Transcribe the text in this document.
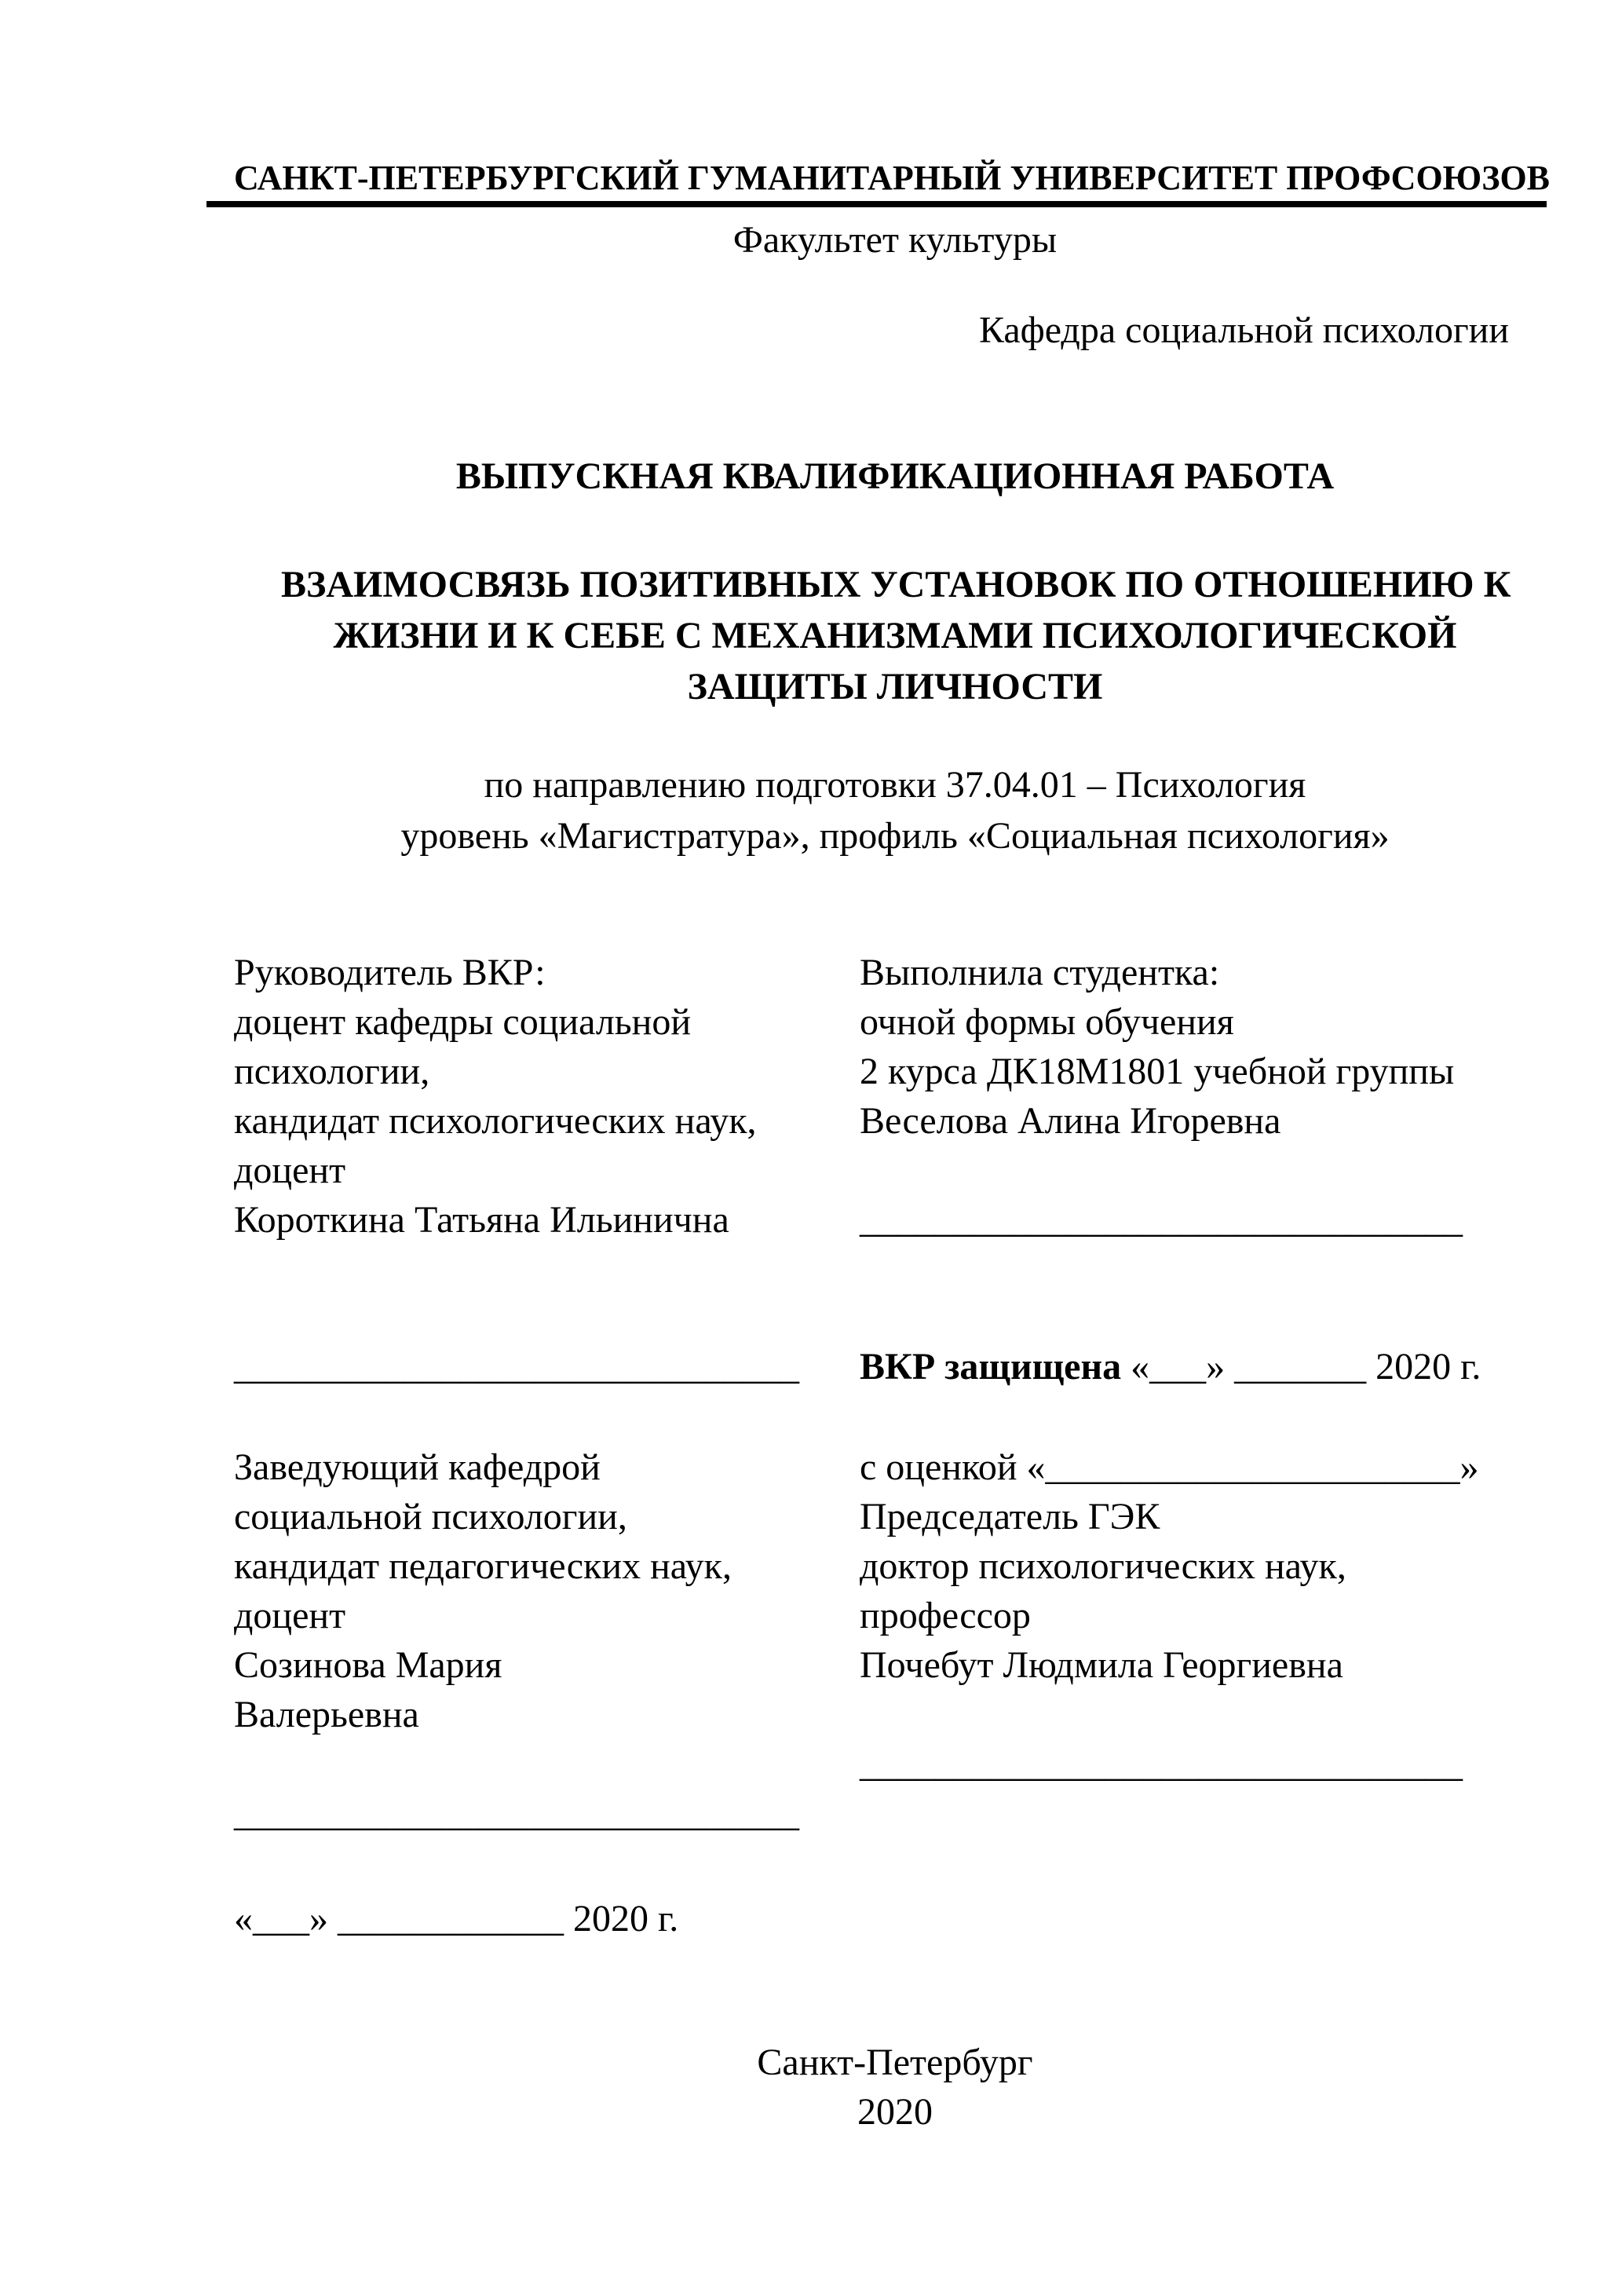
САНКТ-ПЕТЕРБУРГСКИЙ ГУМАНИТАРНЫЙ УНИВЕРСИТЕТ ПРОФСОЮЗОВ
Факультет культуры
Кафедра социальной психологии
ВЫПУСКНАЯ КВАЛИФИКАЦИОННАЯ РАБОТА
ВЗАИМОСВЯЗЬ ПОЗИТИВНЫХ УСТАНОВОК ПО ОТНОШЕНИЮ К
ЖИЗНИ И К СЕБЕ С МЕХАНИЗМАМИ ПСИХОЛОГИЧЕСКОЙ
ЗАЩИТЫ ЛИЧНОСТИ
по направлению подготовки 37.04.01 – Психология
уровень «Магистратура», профиль «Социальная психология»
Руководитель ВКР:	Выполнила студентка:
доцент кафедры социальной	очной формы обучения
психологии,	2 курса ДК18М1801 учебной группы
кандидат психологических наук,	Веселова Алина Игоревна
доцент
Короткина Татьяна Ильинична	________________________________
______________________________	ВКР защищена «___» _______ 2020 г.
Заведующий кафедрой	с оценкой «______________________»
социальной психологии,	Председатель ГЭК
кандидат педагогических наук,	доктор психологических наук,
доцент	профессор
Созинова Мария	Почебут Людмила Георгиевна
Валерьевна
________________________________
______________________________
«___» ____________ 2020 г.
Санкт-Петербург
2020
